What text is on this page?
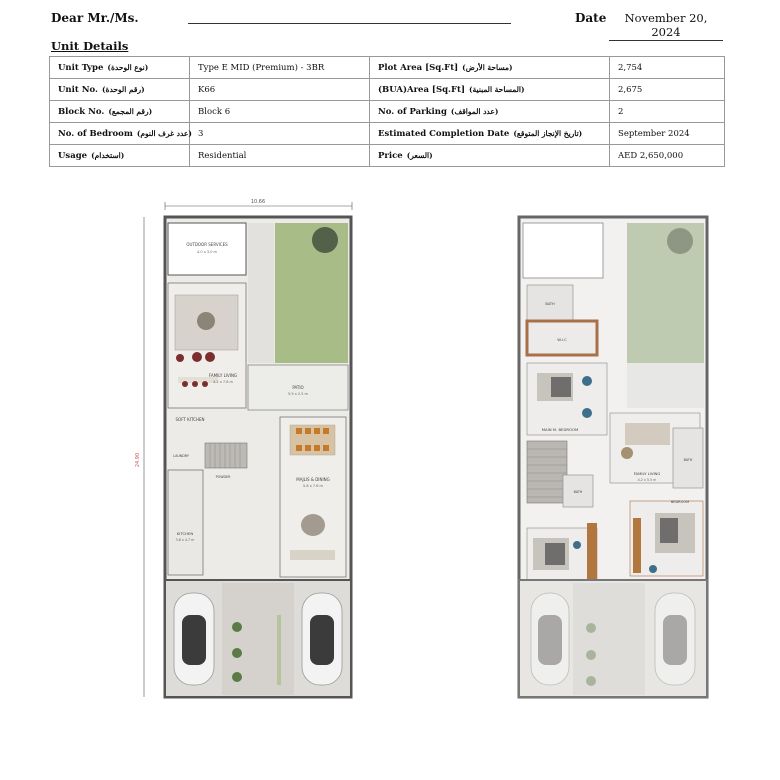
Dear Mr./Ms.	Date	November 20, 2024
Unit Details
Unit Type (نوع الوحدة)	Type E MID (Premium) - 3BR	Plot Area [Sq.Ft] (مساحة الأرض)	2,754
Unit No. (رقم الوحدة)	K66	(BUA)Area [Sq.Ft] (المساحة المبنية)	2,675
Block No. (رقم المجمع)	Block 6	No. of Parking (عدد المواقف)	2
No. of Bedroom (عدد غرف النوم)	3	Estimated Completion Date (تاريخ الإنجاز المتوقع)	September 2024
Usage (استخدام)	Residential	Price (السعر)	AED 2,650,000
10.66
24.90
OUTDOOR SERVICES
4.0 x 3.0 m
FAMILY LIVING
4.2 x 7.8 m
PATIO
5.9 x 2.5 m
SOFT KITCHEN
LAUNDRY
POWDER	MAJLIS & DINING
5.8 x 7.6 m
KITCHEN
3.6 x 4.7 m
BATH
W.I.C
MAIN M. BEDROOM
FAMILY LIVING
4.2 x 5.5 m
BATH
BEDROOM
BATH
